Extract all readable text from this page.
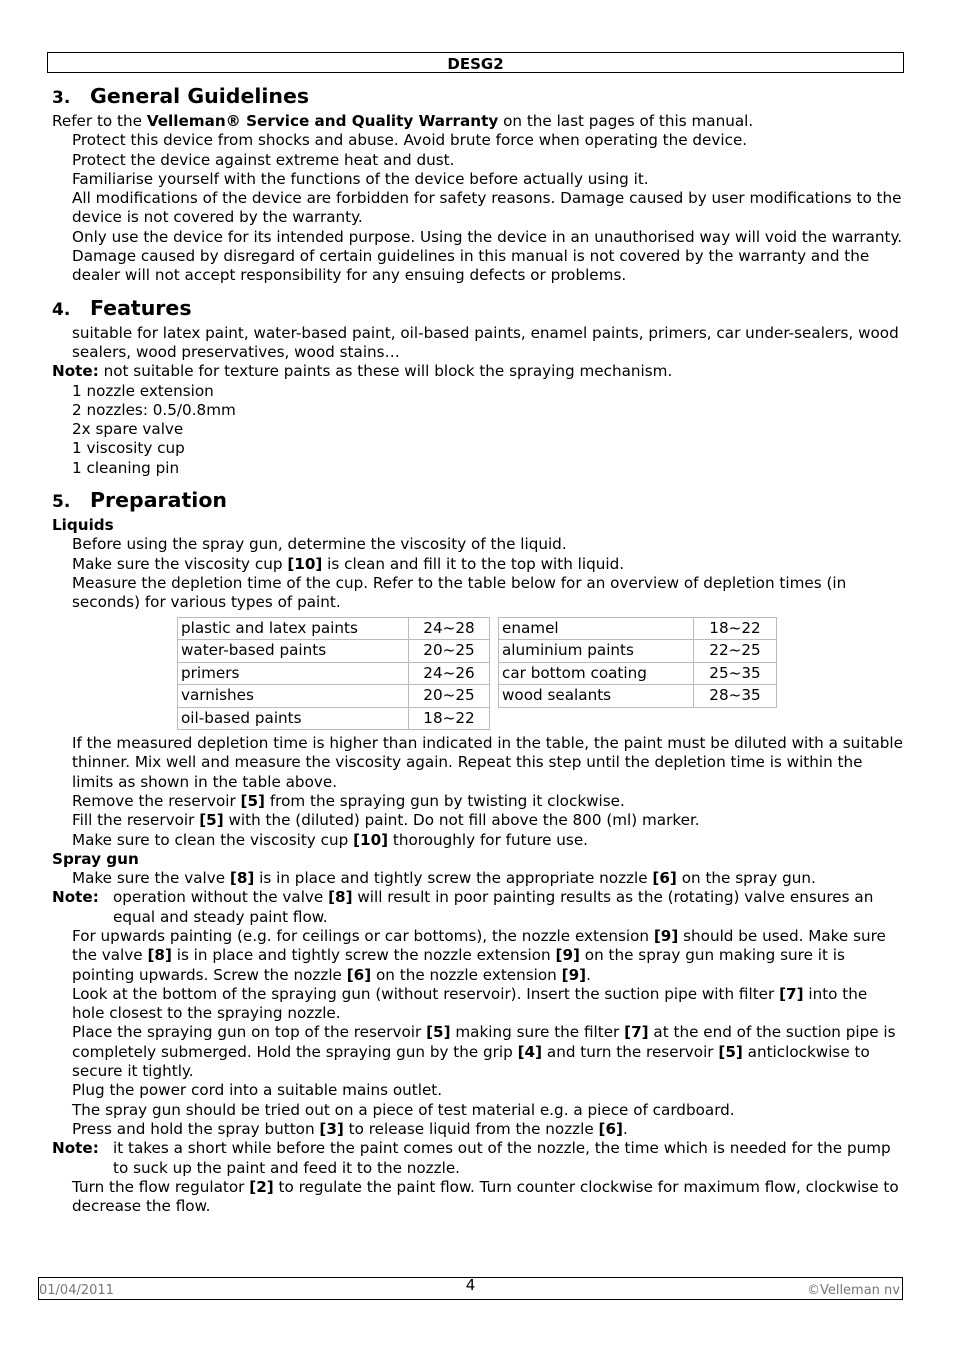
DESG2
3. General Guidelines

Refer to the Velleman® Service and Quality Warranty on the last pages of this manual.

Protect this device from shocks and abuse. Avoid brute force when operating the device.

Protect the device against extreme heat and dust.

Familiarise yourself with the functions of the device before actually using it.

All modifications of the device are forbidden for safety reasons. Damage caused by user modifications to the device is not covered by the warranty.

Only use the device for its intended purpose. Using the device in an unauthorised way will void the warranty.

Damage caused by disregard of certain guidelines in this manual is not covered by the warranty and the dealer will not accept responsibility for any ensuing defects or problems.

4. Features

suitable for latex paint, water-based paint, oil-based paints, enamel paints, primers, car under-sealers, wood sealers, wood preservatives, wood stains…

Note: not suitable for texture paints as these will block the spraying mechanism.

1 nozzle extension

2 nozzles: 0.5/0.8mm

2x spare valve

1 viscosity cup

1 cleaning pin

5. Preparation

Liquids

Before using the spray gun, determine the viscosity of the liquid.

Make sure the viscosity cup [10] is clean and fill it to the top with liquid.

Measure the depletion time of the cup. Refer to the table below for an overview of depletion times (in seconds) for various types of paint.

plastic and latex paints	24~28
water-based paints	20~25
primers	24~26
varnishes	20~25
oil-based paints	18~22
enamel	18~22
aluminium paints	22~25
car bottom coating	25~35
wood sealants	28~35

If the measured depletion time is higher than indicated in the table, the paint must be diluted with a suitable thinner. Mix well and measure the viscosity again. Repeat this step until the depletion time is within the limits as shown in the table above.

Remove the reservoir [5] from the spraying gun by twisting it clockwise.

Fill the reservoir [5] with the (diluted) paint. Do not fill above the 800 (ml) marker.

Make sure to clean the viscosity cup [10] thoroughly for future use.

Spray gun

Make sure the valve [8] is in place and tightly screw the appropriate nozzle [6] on the spray gun.

Note: operation without the valve [8] will result in poor painting results as the (rotating) valve ensures an equal and steady paint flow.

For upwards painting (e.g. for ceilings or car bottoms), the nozzle extension [9] should be used. Make sure the valve [8] is in place and tightly screw the nozzle extension [9] on the spray gun making sure it is pointing upwards. Screw the nozzle [6] on the nozzle extension [9].

Look at the bottom of the spraying gun (without reservoir). Insert the suction pipe with filter [7] into the hole closest to the spraying nozzle.

Place the spraying gun on top of the reservoir [5] making sure the filter [7] at the end of the suction pipe is completely submerged. Hold the spraying gun by the grip [4] and turn the reservoir [5] anticlockwise to secure it tightly.

Plug the power cord into a suitable mains outlet.

The spray gun should be tried out on a piece of test material e.g. a piece of cardboard.

Press and hold the spray button [3] to release liquid from the nozzle [6].

Note: it takes a short while before the paint comes out of the nozzle, the time which is needed for the pump to suck up the paint and feed it to the nozzle.

Turn the flow regulator [2] to regulate the paint flow. Turn counter clockwise for maximum flow, clockwise to decrease the flow.

01/04/2011	4	©Velleman nv
